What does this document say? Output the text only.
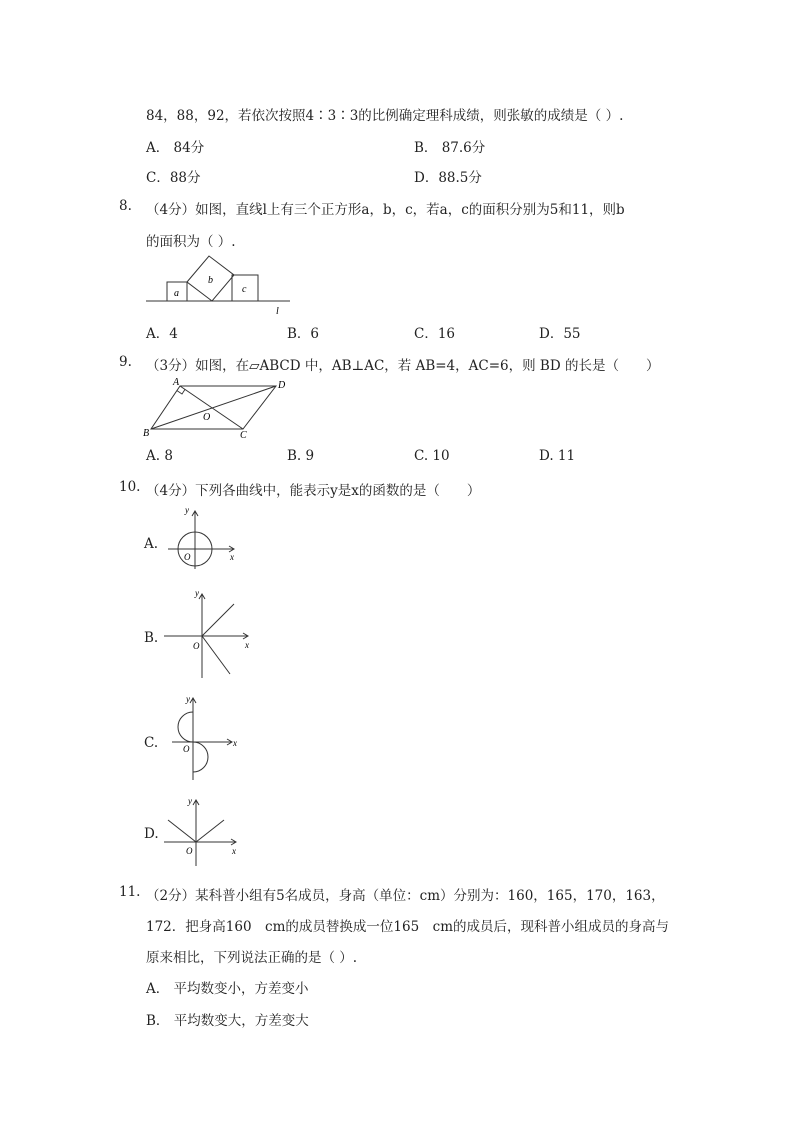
84，88，92，若依次按照4∶3∶3的比例确定理科成绩，则张敏的成绩是（ ）.
A． 84分	B． 87.6分
C．88分	D．88.5分
8. （4分）如图，直线l上有三个正方形a，b，c，若a，c的面积分别为5和11，则b
的面积为（ ）.
a
b
c
l
A．4	B．6	C．16	D．55
9. （3分）如图，在▱ABCD 中，AB⊥AC，若 AB=4，AC=6，则 BD 的长是（　　）
A	D
B	C
O
A. 8	B. 9	C. 10	D. 11
10. （4分）下列各曲线中，能表示y是x的函数的是（　　）
A.
y
x
O
B.
y
x
O
C.
y
x
O
D.
y
x
O
11. （2分）某科普小组有5名成员，身高（单位：cm）分别为：160，165，170，163，
172．把身高160　cm的成员替换成一位165　cm的成员后，现科普小组成员的身高与
原来相比，下列说法正确的是（ ）.
A． 平均数变小，方差变小
B． 平均数变大，方差变大
